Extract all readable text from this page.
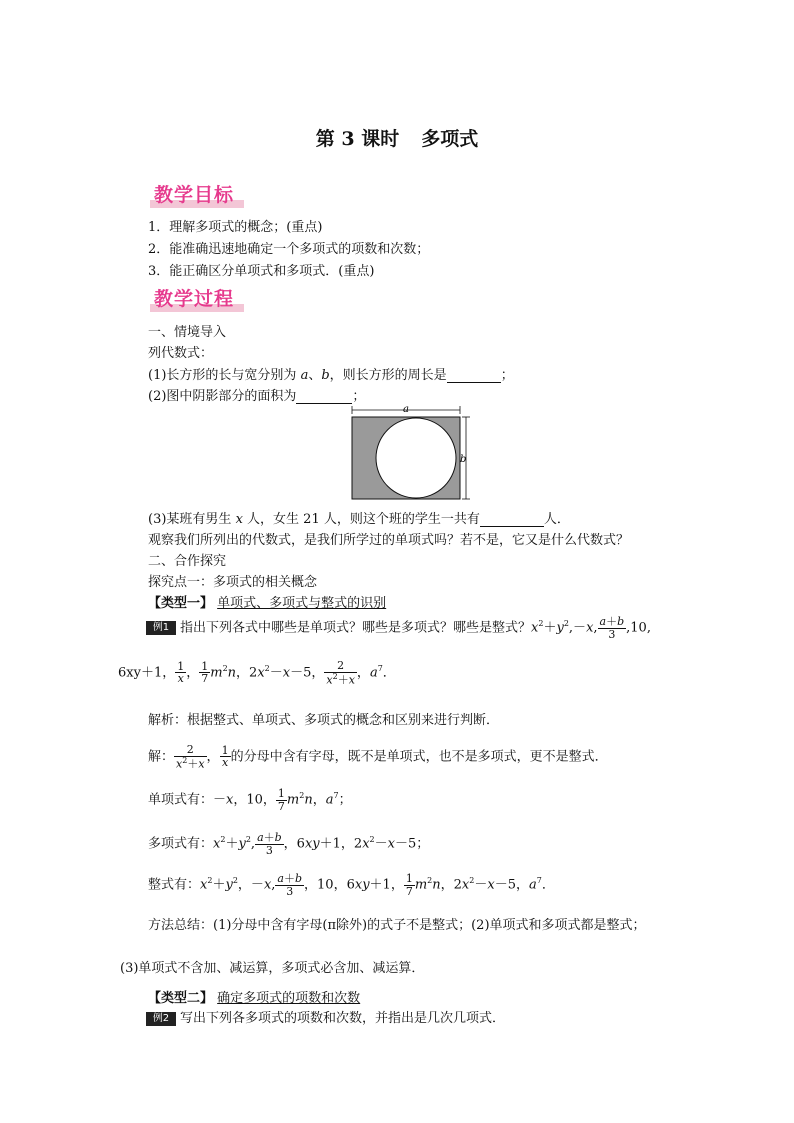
第 3 课时 多项式
教学目标
1．理解多项式的概念；(重点)
2．能准确迅速地确定一个多项式的项数和次数；
3．能正确区分单项式和多项式．(重点)
教学过程
一、情境导入
列代数式：
(1)长方形的长与宽分别为 a、b，则长方形的周长是	；
(2)图中阴影部分的面积为	；
a
b
(3)某班有男生 x 人，女生 21 人，则这个班的学生一共有	人．
观察我们所列出的代数式，是我们所学过的单项式吗？若不是，它又是什么代数式？
二、合作探究
探究点一：多项式的相关概念
【类型一】 单项式、多项式与整式的识别
例1 指出下列各式中哪些是单项式？哪些是多项式？哪些是整式？$x^2+y^2,-x$, $\frac{a+b}{3} ,10$,
6xy＋1， $\frac{1}{x}$ ， $\frac{1}{7} m^2n$，$2x^2-x-5$， $\frac{2}{x^2+x}$ ，$a^7$．
解析：根据整式、单项式、多项式的概念和区别来进行判断．
解： $\frac{2}{x^2+x}$ ， $\frac{1}{x}$ 的分母中含有字母，既不是单项式，也不是多项式，更不是整式．
单项式有：－x，10， $\frac{1}{7} m^2n$，$a^7$；
多项式有：$x^2+y^2$, $\frac{a+b}{3}$ ，6xy＋1，$2x^2-x-5$；
整式有：$x^2+y^2$，－x, $\frac{a+b}{3}$ ，10，6xy＋1， $\frac{1}{7} m^2n$，$2x^2-x-5$，$a^7$．
方法总结：(1)分母中含有字母(π除外)的式子不是整式；(2)单项式和多项式都是整式；
(3)单项式不含加、减运算，多项式必含加、减运算．
【类型二】 确定多项式的项数和次数
例2 写出下列各多项式的项数和次数，并指出是几次几项式．
